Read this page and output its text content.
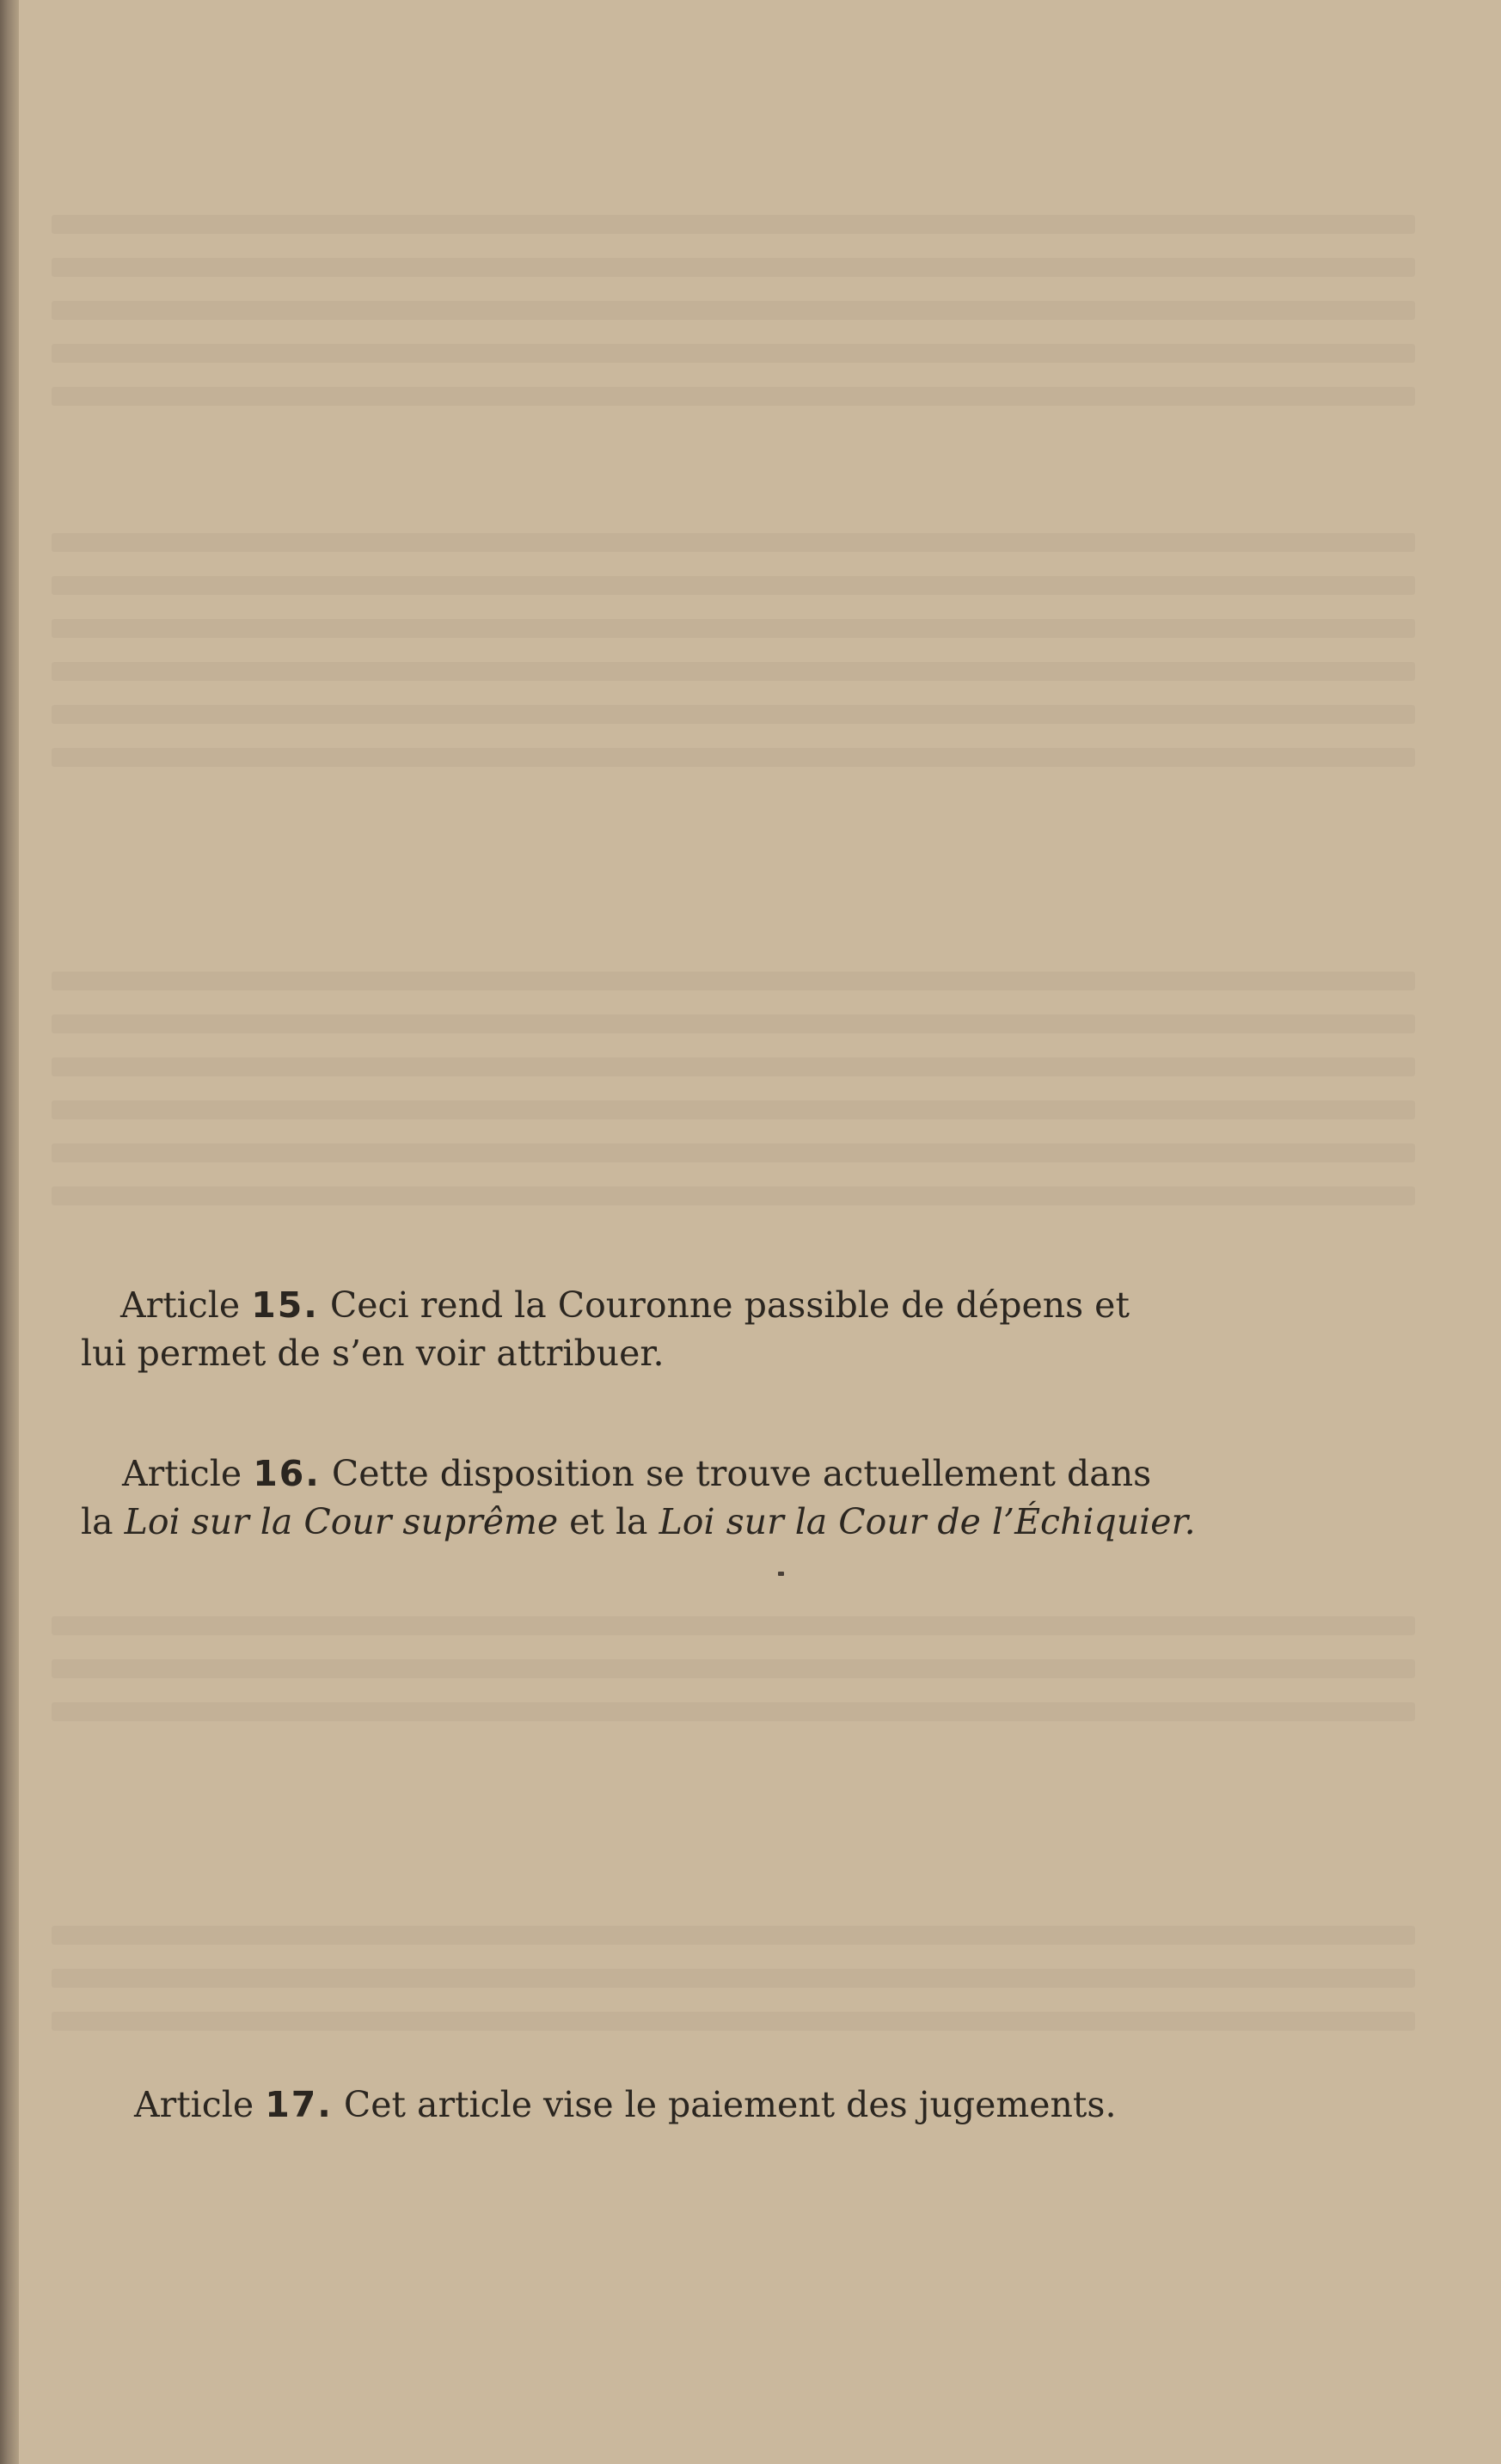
Article 15. Ceci rend la Couronne passible de dépens et
lui permet de s’en voir attribuer.
Article 16. Cette disposition se trouve actuellement dans
la Loi sur la Cour suprême et la Loi sur la Cour de l’Échiquier.
Article 17. Cet article vise le paiement des jugements.
